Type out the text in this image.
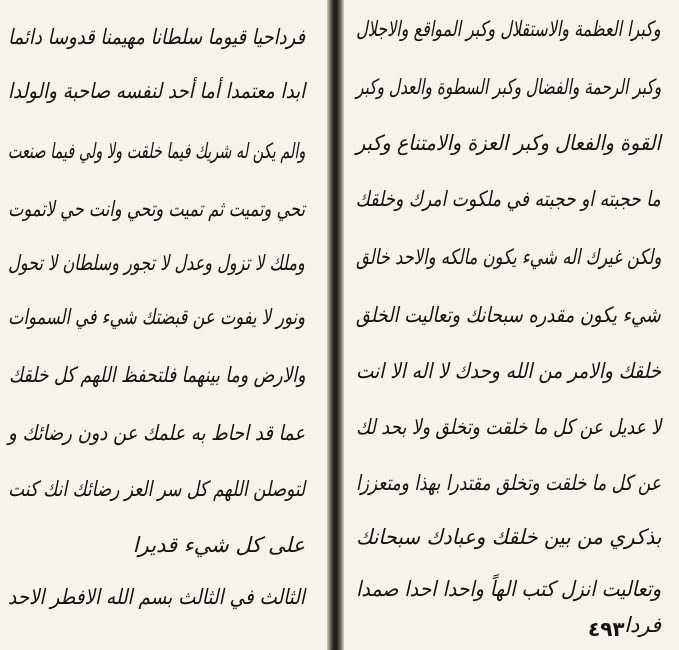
فرداحيا قيوما سلطانا مهيمنا قدوسا دائما
ابدا معتمدا أما أحد لنفسه صاحبة والولدا
والم يكن له شريك فيما خلقت ولا ولي فيما صنعت
تحي وتميت ثم تميت وتحي وانت حي لاتموت
وملك لا تزول وعدل لا تجور وسلطان لا تحول
ونور لا يفوت عن قبضتك شيء في السموات
والارض وما بينهما فلتحفظ اللهم كل خلقك
عما قد احاط به علمك عن دون رضائك و
لتوصلن اللهم كل سر العز رضائك انك كنت
على كل شيء قديرا
الثالث في الثالث بسم الله الافطر الاحد
وكبرا العظمة والاستقلال وكبر المواقع والاجلال
وكبر الرحمة والفضال وكبر السطوة والعدل وكبر
القوة والفعال وكبر العزة والامتناع وكبر
ما حجبته او حجبته في ملكوت امرك وخلقك
ولكن غيرك اله شيء يكون مالكه والاحد خالق
شيء يكون مقدره سبحانك وتعاليت الخلق
خلقك والامر من الله وحدك لا اله الا انت
لا عديل عن كل ما خلقت وتخلق ولا بحد لك
عن كل ما خلقت وتخلق مقتدرا بهذا ومتعززا
بذكري من بين خلقك وعبادك سبحانك
وتعاليت انزل كتب الهاً واحدا احدا صمدا
فردا
٤٩٣
